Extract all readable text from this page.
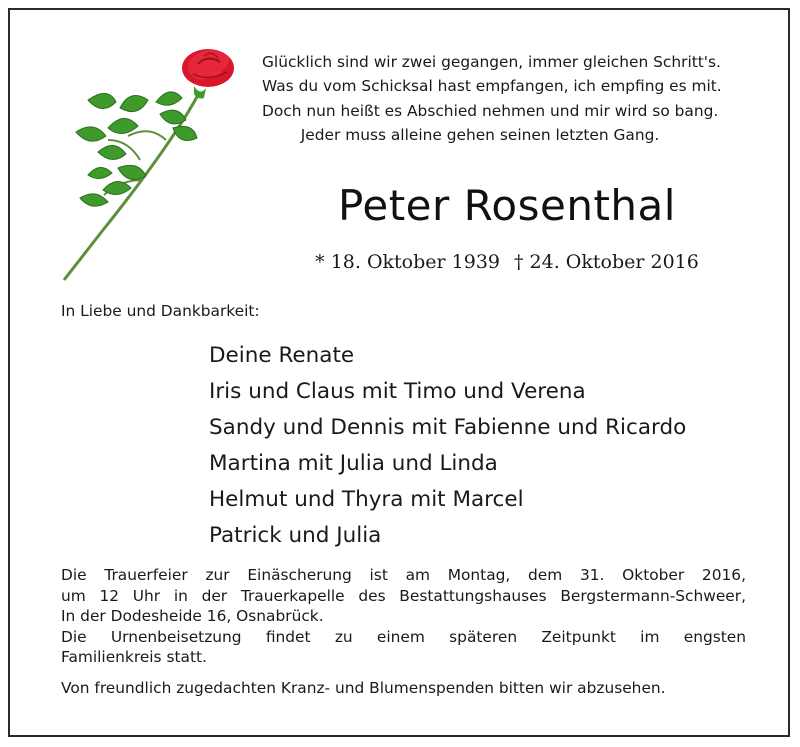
Glücklich sind wir zwei gegangen, immer gleichen Schritt's.
Was du vom Schicksal hast empfangen, ich empfing es mit.
Doch nun heißt es Abschied nehmen und mir wird so bang.
Jeder muss alleine gehen seinen letzten Gang.
Peter Rosenthal
* 18. Oktober 1939 † 24. Oktober 2016
In Liebe und Dankbarkeit:
Deine Renate
Iris und Claus mit Timo und Verena
Sandy und Dennis mit Fabienne und Ricardo
Martina mit Julia und Linda
Helmut und Thyra mit Marcel
Patrick und Julia

Die Trauerfeier zur Einäscherung ist am Montag, dem 31. Oktober 2016,

um 12 Uhr in der Trauerkapelle des Bestattungshauses Bergstermann-Schweer,

In der Dodesheide 16, Osnabrück.

Die Urnenbeisetzung findet zu einem späteren Zeitpunkt im engsten

Familienkreis statt.

Von freundlich zugedachten Kranz- und Blumenspenden bitten wir abzusehen.
